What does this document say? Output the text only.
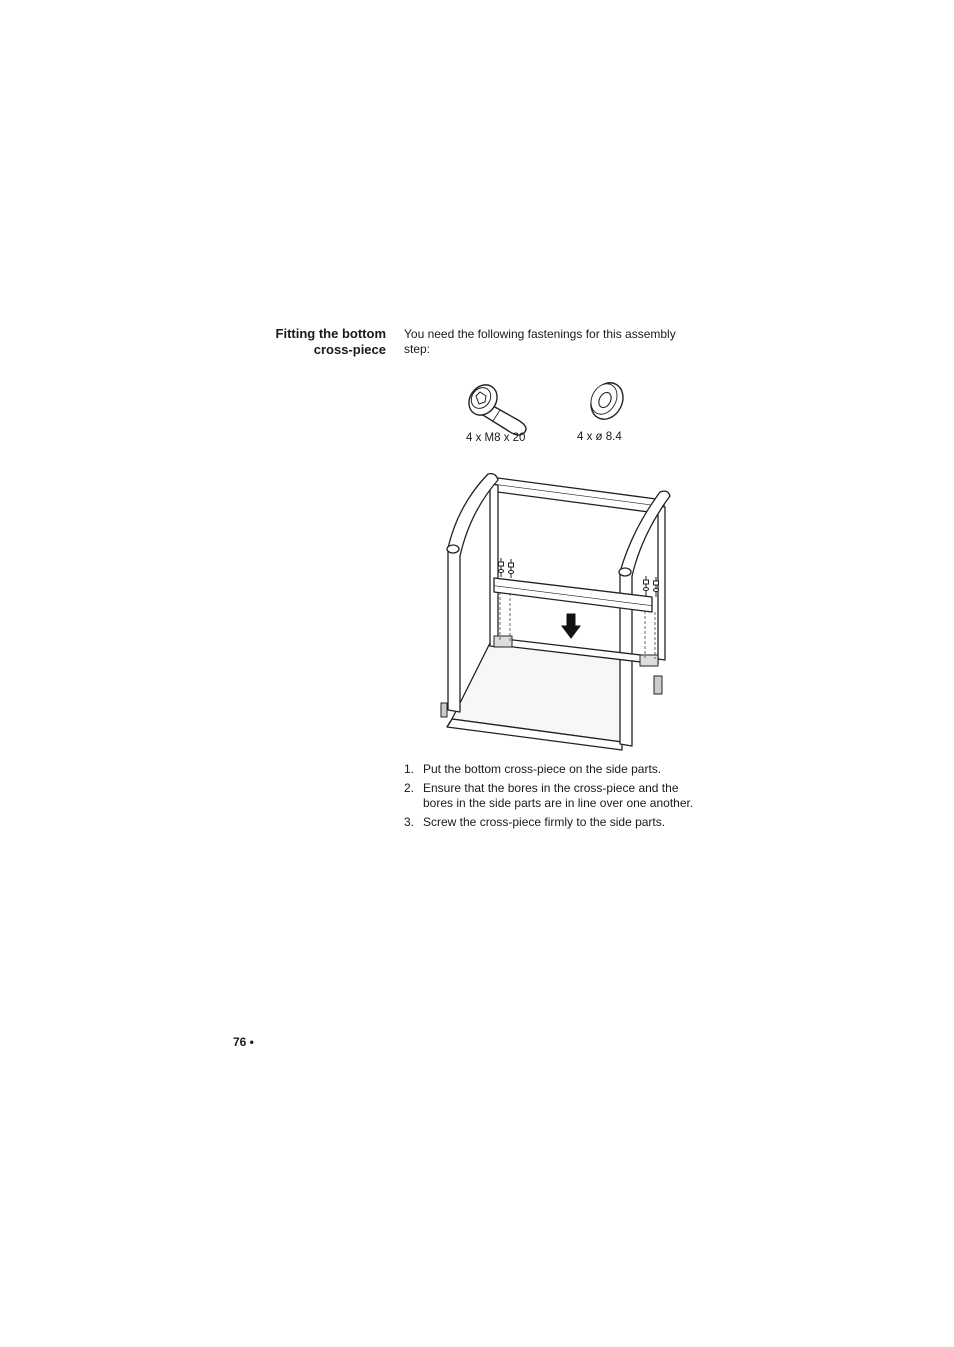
Fitting the bottom
cross-piece
You need the following fastenings for this assembly step:
4 x M8 x 20	4 x ø 8.4
1. Put the bottom cross-piece on the side parts.
2. Ensure that the bores in the cross-piece and the bores in the side parts are in line over one another.
3. Screw the cross-piece firmly to the side parts.
76 •
